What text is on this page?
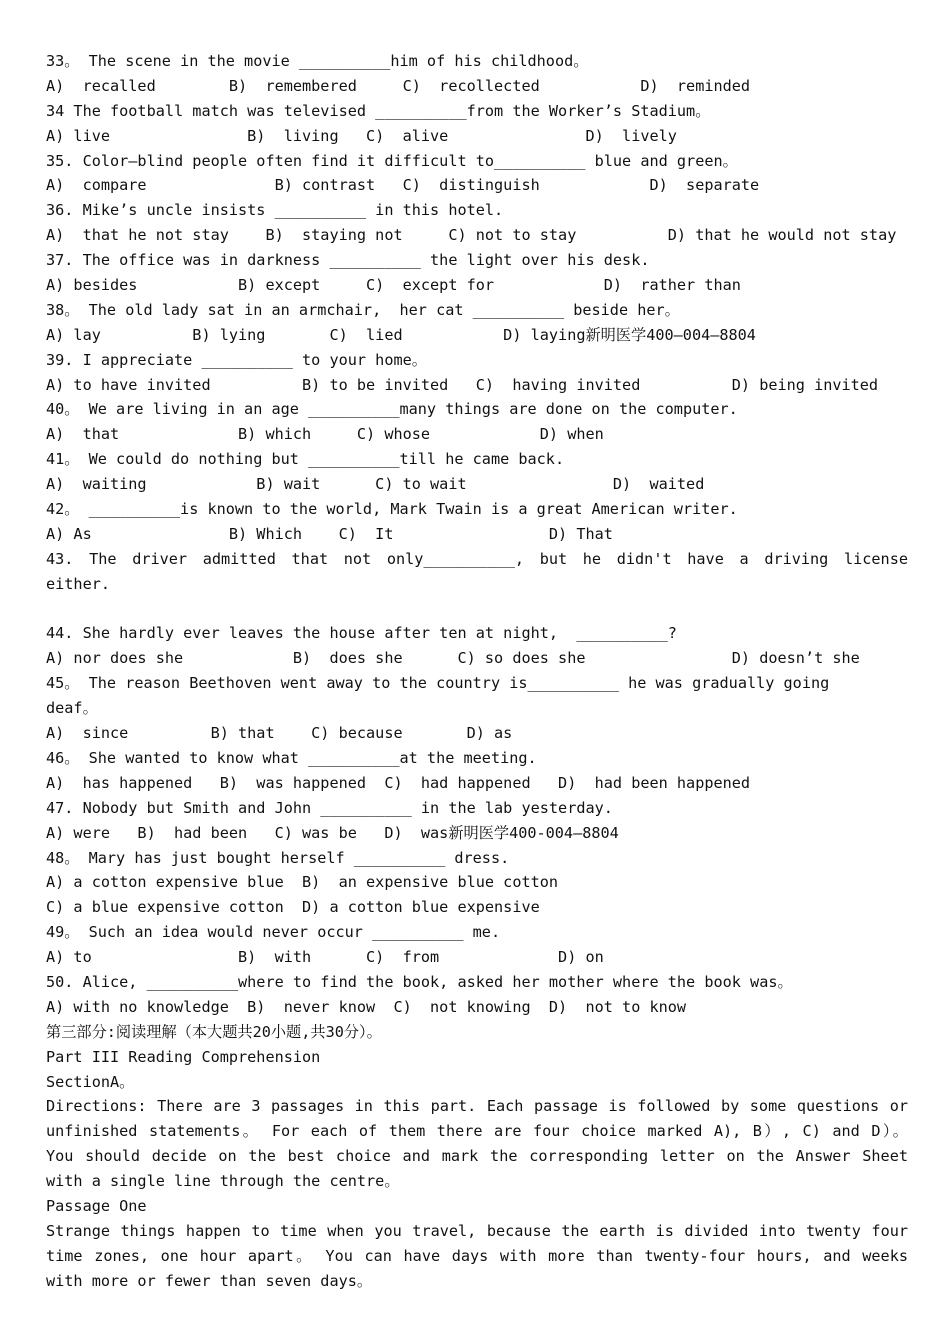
33。 The scene in the movie __________him of his childhood。
A)  recalled        B)  remembered     C)  recollected           D)  reminded
34 The football match was televised __________from the Worker’s Stadium。
A) live               B)  living   C)  alive               D)  lively
35. Color—blind people often find it difficult to__________ blue and green。
A)  compare              B) contrast   C)  distinguish            D)  separate
36. Mike’s uncle insists __________ in this hotel.
A)  that he not stay    B)  staying not     C) not to stay          D) that he would not stay
37. The office was in darkness __________ the light over his desk.
A) besides           B) except     C)  except for            D)  rather than
38。 The old lady sat in an armchair,  her cat __________ beside her。
A) lay          B) lying       C)  lied           D) laying新明医学400—004—8804
39. I appreciate __________ to your home。
A) to have invited          B) to be invited   C)  having invited          D) being invited
40。 We are living in an age __________many things are done on the computer.
A)  that             B) which     C) whose            D) when
41。 We could do nothing but __________till he came back.
A)  waiting            B) wait      C) to wait                D)  waited
42。 __________is known to the world, Mark Twain is a great American writer.
A) As               B) Which    C)  It                 D) That
43. The driver admitted that not only__________, but he didn't have a driving license
either.
44. She hardly ever leaves the house after ten at night,  __________?
A) nor does she            B)  does she      C) so does she                D) doesn’t she
45。 The reason Beethoven went away to the country is__________ he was gradually going
deaf。
A)  since         B) that    C) because       D) as
46。 She wanted to know what __________at the meeting.
A)  has happened   B)  was happened  C)  had happened   D)  had been happened
47. Nobody but Smith and John __________ in the lab yesterday.
A) were   B)  had been   C) was be   D)  was新明医学400-004—8804
48。 Mary has just bought herself __________ dress.
A) a cotton expensive blue  B)  an expensive blue cotton
C) a blue expensive cotton  D) a cotton blue expensive
49。 Such an idea would never occur __________ me.
A) to                B)  with      C)  from             D) on
50. Alice, __________where to find the book, asked her mother where the book was。
A) with no knowledge  B)  never know  C)  not knowing  D)  not to know
第三部分:阅读理解（本大题共20小题,共30分）。
Part III Reading Comprehension
SectionA。
Directions: There are 3 passages in this part. Each passage is followed by some questions or
unfinished statements。 For each of them there are four choice marked A), B）, C) and D）。
You should decide on the best choice and mark the corresponding letter on the Answer Sheet
with a single line through the centre。
Passage One
Strange things happen to time when you travel, because the earth is divided into twenty four
time zones, one hour apart。 You can have days with more than twenty-four hours, and weeks
with more or fewer than seven days。
